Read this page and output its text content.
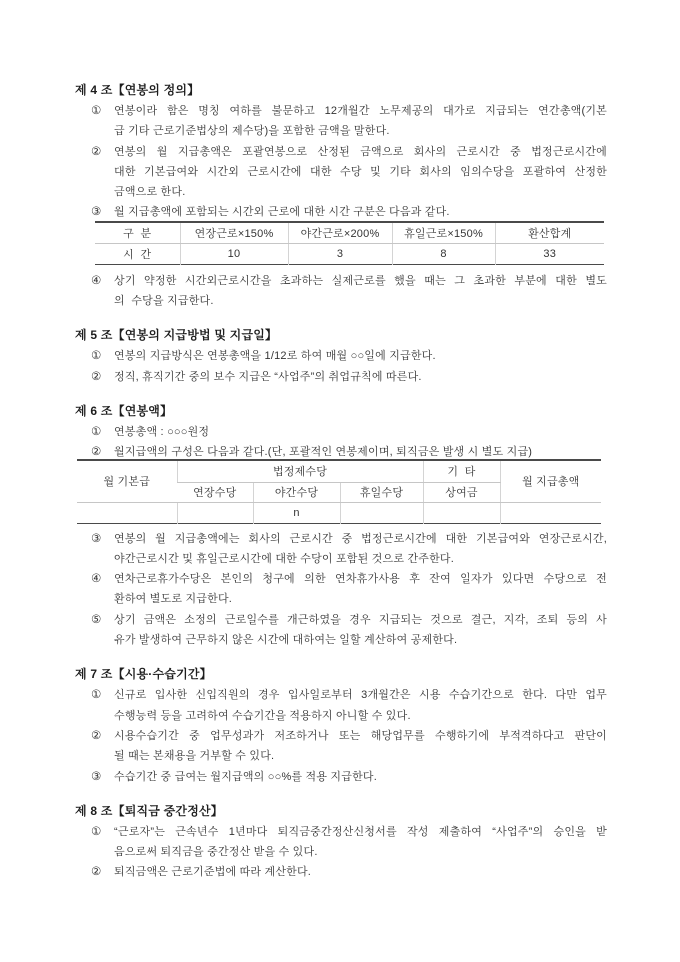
제 4 조【연봉의 정의】
① 연봉이라 함은 명칭 여하를 불문하고 12개월간 노무제공의 대가로 지급되는 연간총액(기본
급 기타 근로기준법상의 제수당)을 포함한 금액을 말한다.
② 연봉의 월 지급총액은 포괄연봉으로 산정된 금액으로 회사의 근로시간 중 법정근로시간에
대한 기본급여와 시간외 근로시간에 대한 수당 및 기타 회사의 임의수당을 포괄하여 산정한
금액으로 한다.
③ 월 지급총액에 포함되는 시간외 근로에 대한 시간 구분은 다음과 같다.
구  분	연장근로×150%	야간근로×200%	휴일근로×150%	환산합계
시  간	10	3	8	33
④ 상기 약정한 시간외근로시간을 초과하는 실제근로를 했을 때는 그 초과한 부분에 대한 별도
의  수당을 지급한다.
제 5 조【연봉의 지급방법 및 지급일】
① 연봉의 지급방식은 연봉총액을 1/12로 하여 매월 ○○일에 지급한다.
② 정직, 휴직기간 중의 보수 지급은 “사업주”의 취업규칙에 따른다.
제 6 조【연봉액】
① 연봉총액 : ○○○원정
② 월지급액의 구성은 다음과 같다.(단, 포괄적인 연봉제이며, 퇴직금은 발생 시 별도 지급)
월 기본급	법정제수당			기  타	월 지급총액
	연장수당	야간수당	휴일수당	상여금	
		n			
③ 연봉의 월 지급총액에는 회사의 근로시간 중 법정근로시간에 대한 기본급여와 연장근로시간,
야간근로시간 및 휴일근로시간에 대한 수당이 포함된 것으로 간주한다.
④ 연차근로휴가수당은 본인의 청구에 의한 연차휴가사용 후 잔여 일자가 있다면 수당으로 전
환하여 별도로 지급한다.
⑤ 상기 금액은 소정의 근로일수를 개근하였을 경우 지급되는 것으로 결근, 지각, 조퇴 등의 사
유가 발생하여 근무하지 않은 시간에 대하여는 일할 계산하여 공제한다.
제 7 조【시용·수습기간】
① 신규로 입사한 신입직원의 경우 입사일로부터 3개월간은 시용 수습기간으로 한다. 다만 업무
수행능력 등을 고려하여 수습기간을 적용하지 아니할 수 있다.
② 시용수습기간 중 업무성과가 저조하거나 또는 해당업무를 수행하기에 부적격하다고 판단이
될 때는 본채용을 거부할 수 있다.
③ 수습기간 중 급여는 월지급액의 ○○%를 적용 지급한다.
제 8 조【퇴직금 중간정산】
① “근로자”는 근속년수 1년마다 퇴직금중간정산신청서를 작성 제출하여 “사업주”의 승인을 받
음으로써 퇴직금을 중간정산 받을 수 있다.
② 퇴직금액은 근로기준법에 따라 계산한다.
